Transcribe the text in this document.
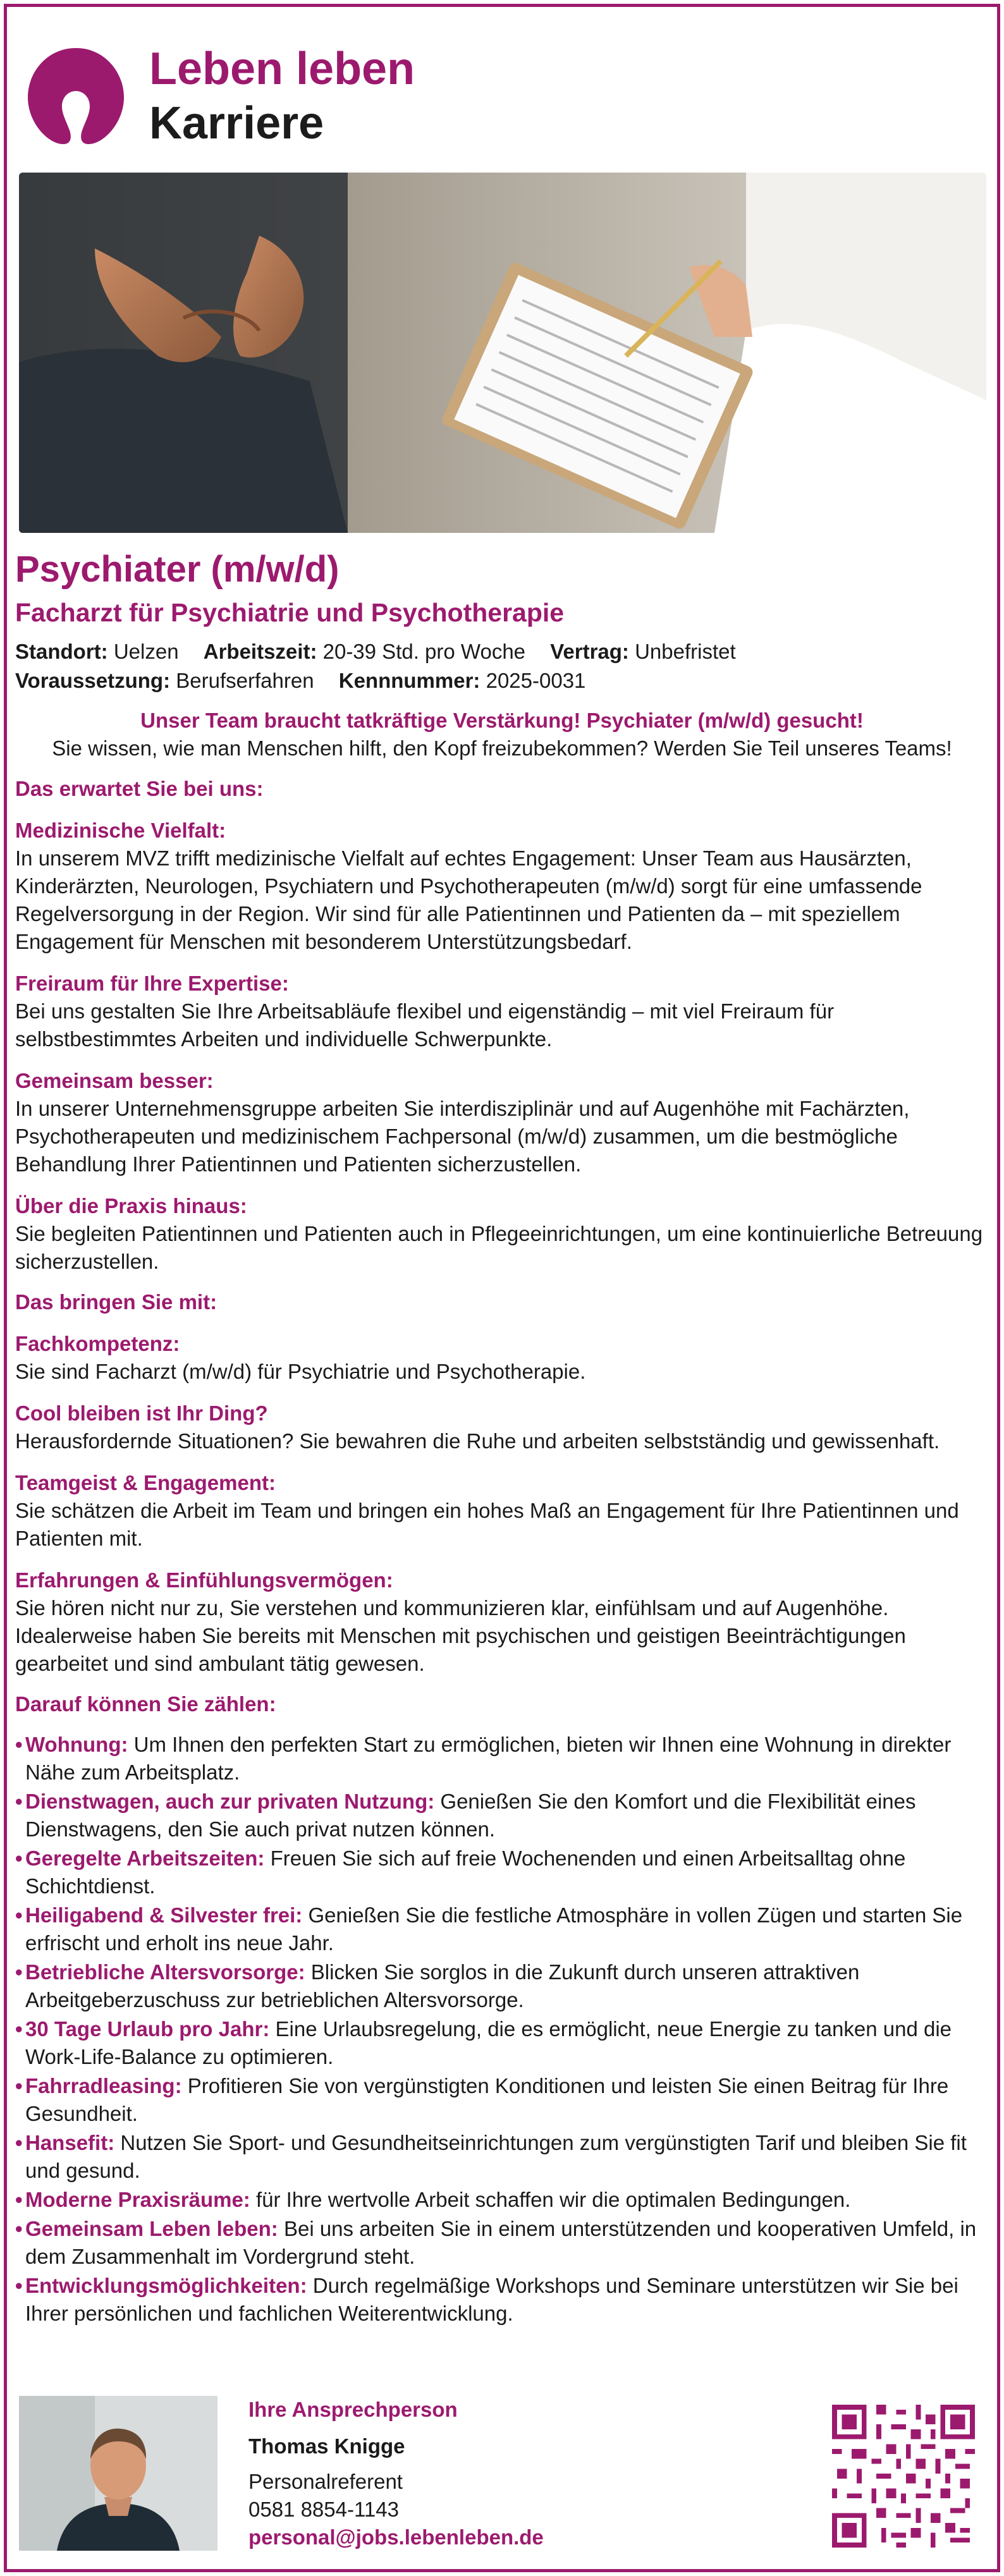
Leben leben
Karriere
Psychiater (m/w/d)
Facharzt für Psychiatrie und Psychotherapie
Standort: Uelzen Arbeitszeit: 20-39 Std. pro Woche Vertrag: Unbefristet
Voraussetzung: Berufserfahren Kennnummer: 2025-0031
Unser Team braucht tatkräftige Verstärkung! Psychiater (m/w/d) gesucht!
Sie wissen, wie man Menschen hilft, den Kopf freizubekommen? Werden Sie Teil unseres Teams!
Das erwartet Sie bei uns:
Medizinische Vielfalt:
In unserem MVZ trifft medizinische Vielfalt auf echtes Engagement: Unser Team aus Hausärzten, Kinderärzten, Neurologen, Psychiatern und Psychotherapeuten (m/w/d) sorgt für eine umfassende Regelversorgung in der Region. Wir sind für alle Patientinnen und Patienten da – mit speziellem Engagement für Menschen mit besonderem Unterstützungsbedarf.
Freiraum für Ihre Expertise:
Bei uns gestalten Sie Ihre Arbeitsabläufe flexibel und eigenständig – mit viel Freiraum für selbstbestimmtes Arbeiten und individuelle Schwerpunkte.
Gemeinsam besser:
In unserer Unternehmensgruppe arbeiten Sie interdisziplinär und auf Augenhöhe mit Fachärzten, Psychotherapeuten und medizinischem Fachpersonal (m/w/d) zusammen, um die bestmögliche Behandlung Ihrer Patientinnen und Patienten sicherzustellen.
Über die Praxis hinaus:
Sie begleiten Patientinnen und Patienten auch in Pflegeeinrichtungen, um eine kontinuierliche Betreuung sicherzustellen.
Das bringen Sie mit:
Fachkompetenz:
Sie sind Facharzt (m/w/d) für Psychiatrie und Psychotherapie.
Cool bleiben ist Ihr Ding?
Herausfordernde Situationen? Sie bewahren die Ruhe und arbeiten selbstständig und gewissenhaft.
Teamgeist & Engagement:
Sie schätzen die Arbeit im Team und bringen ein hohes Maß an Engagement für Ihre Patientinnen und Patienten mit.
Erfahrungen & Einfühlungsvermögen:
Sie hören nicht nur zu, Sie verstehen und kommunizieren klar, einfühlsam und auf Augenhöhe. Idealerweise haben Sie bereits mit Menschen mit psychischen und geistigen Beeinträchtigungen gearbeitet und sind ambulant tätig gewesen.
Darauf können Sie zählen:
• Wohnung: Um Ihnen den perfekten Start zu ermöglichen, bieten wir Ihnen eine Wohnung in direkter Nähe zum Arbeitsplatz.
• Dienstwagen, auch zur privaten Nutzung: Genießen Sie den Komfort und die Flexibilität eines Dienstwagens, den Sie auch privat nutzen können.
• Geregelte Arbeitszeiten: Freuen Sie sich auf freie Wochenenden und einen Arbeitsalltag ohne Schichtdienst.
• Heiligabend & Silvester frei: Genießen Sie die festliche Atmosphäre in vollen Zügen und starten Sie erfrischt und erholt ins neue Jahr.
• Betriebliche Altersvorsorge: Blicken Sie sorglos in die Zukunft durch unseren attraktiven Arbeitgeberzuschuss zur betrieblichen Altersvorsorge.
• 30 Tage Urlaub pro Jahr: Eine Urlaubsregelung, die es ermöglicht, neue Energie zu tanken und die Work-Life-Balance zu optimieren.
• Fahrradleasing: Profitieren Sie von vergünstigten Konditionen und leisten Sie einen Beitrag für Ihre Gesundheit.
• Hansefit: Nutzen Sie Sport- und Gesundheitseinrichtungen zum vergünstigten Tarif und bleiben Sie fit und gesund.
• Moderne Praxisräume: für Ihre wertvolle Arbeit schaffen wir die optimalen Bedingungen.
• Gemeinsam Leben leben: Bei uns arbeiten Sie in einem unterstützenden und kooperativen Umfeld, in dem Zusammenhalt im Vordergrund steht.
• Entwicklungsmöglichkeiten: Durch regelmäßige Workshops und Seminare unterstützen wir Sie bei Ihrer persönlichen und fachlichen Weiterentwicklung.
Ihre Ansprechperson
Thomas Knigge
Personalreferent
0581 8854-1143
personal@jobs.lebenleben.de
